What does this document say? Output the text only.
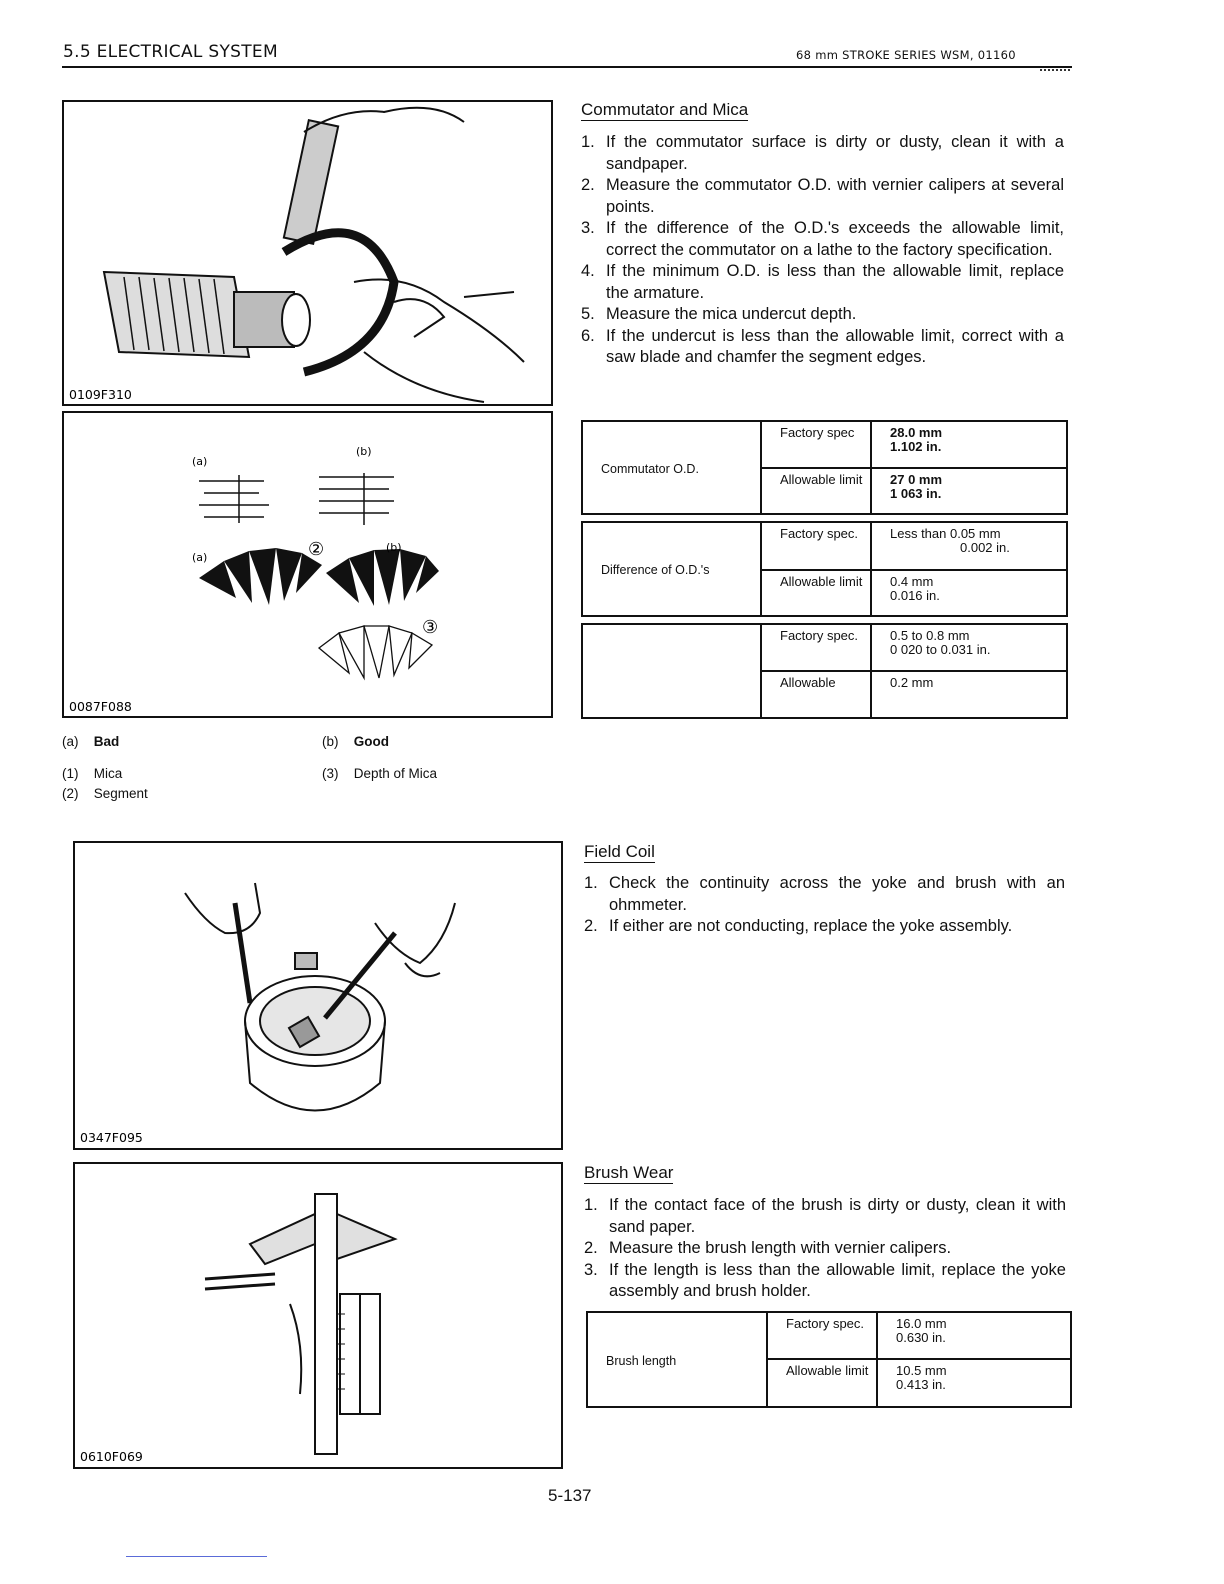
5.5 ELECTRICAL SYSTEM	68 mm STROKE SERIES WSM, 01160
0109F310
(a)
(b)
(a)
(b)
②
③
0087F088
(a) Bad	(b) Good
(1) Mica	(3) Depth of Mica
(2) Segment
Commutator and Mica
1. If the commutator surface is dirty or dusty, clean it with a sandpaper.
2. Measure the commutator O.D. with vernier calipers at several points.
3. If the difference of the O.D.'s exceeds the allowable limit, correct the commutator on a lathe to the factory specification.
4. If the minimum O.D. is less than the allowable limit, replace the armature.
5. Measure the mica undercut depth.
6. If the undercut is less than the allowable limit, correct with a saw blade and chamfer the segment edges.
Commutator O.D.	Factory spec	28.0 mm
1.102 in.
	Allowable limit	27 0 mm
1 063 in.
Difference of O.D.'s	Factory spec.	Less than 0.05 mm
0.002 in.
	Allowable limit	0.4 mm
0.016 in.
	Factory spec.	0.5 to 0.8 mm
0 020 to 0.031 in.
	Allowable	0.2 mm
0347F095
Field Coil
1. Check the continuity across the yoke and brush with an ohmmeter.
2. If either are not conducting, replace the yoke assembly.
0610F069
Brush Wear
1. If the contact face of the brush is dirty or dusty, clean it with sand paper.
2. Measure the brush length with vernier calipers.
3. If the length is less than the allowable limit, replace the yoke assembly and brush holder.
Brush length	Factory spec.	16.0 mm
0.630 in.
	Allowable limit	10.5 mm
0.413 in.
5-137
